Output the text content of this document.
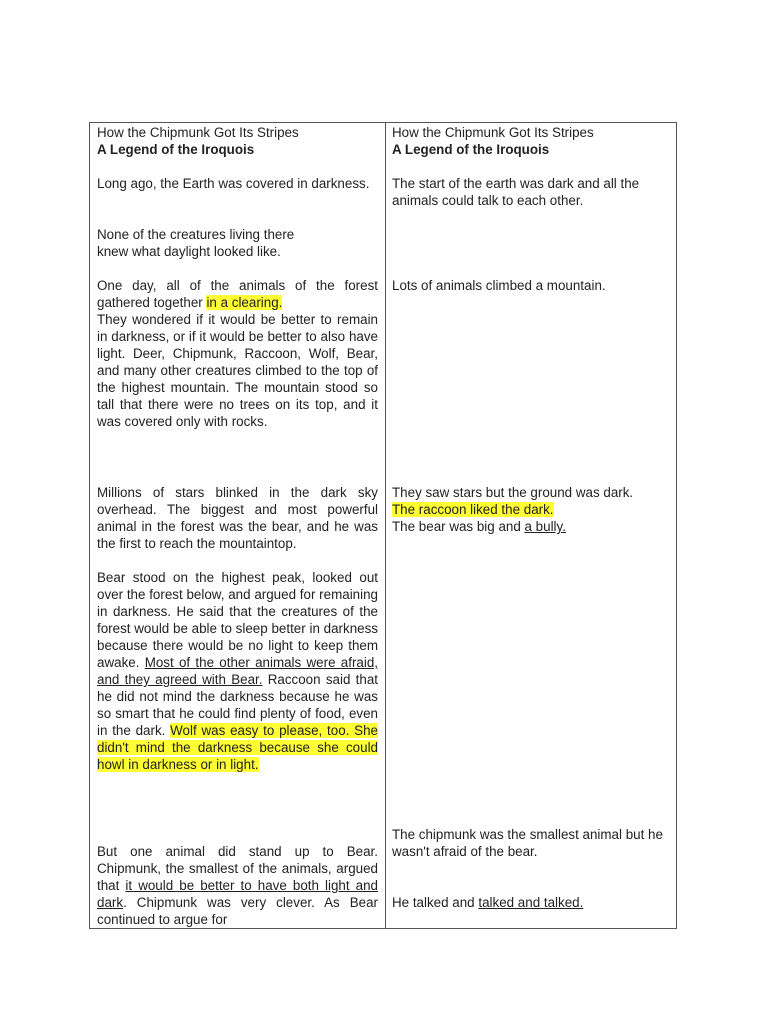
How the Chipmunk Got Its Stripes
A Legend of the Iroquois
Long ago, the Earth was covered in darkness.
None of the creatures living there knew what daylight looked like.
One day, all of the animals of the forest gathered together in a clearing.
They wondered if it would be better to remain in darkness, or if it would be better to also have light. Deer, Chipmunk, Raccoon, Wolf, Bear, and many other creatures climbed to the top of the highest mountain. The mountain stood so tall that there were no trees on its top, and it was covered only with rocks.
Millions of stars blinked in the dark sky overhead. The biggest and most powerful animal in the forest was the bear, and he was the first to reach the mountaintop.
Bear stood on the highest peak, looked out over the forest below, and argued for remaining in darkness. He said that the creatures of the forest would be able to sleep better in darkness because there would be no light to keep them awake. Most of the other animals were afraid, and they agreed with Bear. Raccoon said that he did not mind the darkness because he was so smart that he could find plenty of food, even in the dark. Wolf was easy to please, too. She didn't mind the darkness because she could howl in darkness or in light.
But one animal did stand up to Bear. Chipmunk, the smallest of the animals, argued that it would be better to have both light and dark. Chipmunk was very clever. As Bear continued to argue for
How the Chipmunk Got Its Stripes
A Legend of the Iroquois
The start of the earth was dark and all the animals could talk to each other.
Lots of animals climbed a mountain.
They saw stars but the ground was dark.
The raccoon liked the dark.
The bear was big and a bully.
The chipmunk was the smallest animal but he wasn't afraid of the bear.
He talked and talked and talked.
